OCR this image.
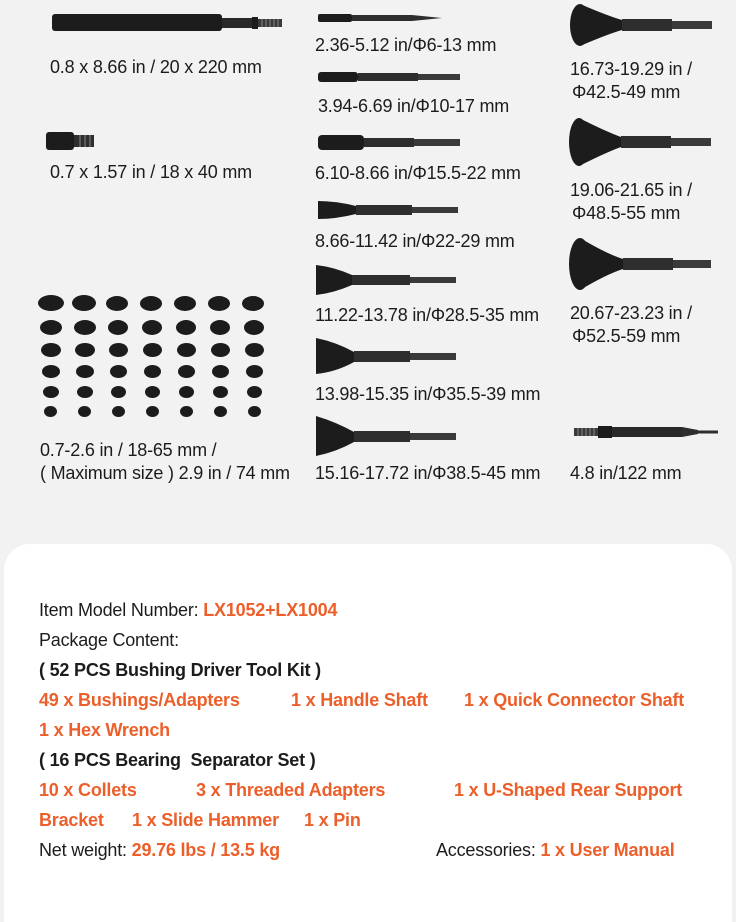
0.8 x 8.66 in / 20 x 220 mm
0.7 x 1.57 in / 18 x 40 mm
0.7-2.6 in / 18-65 mm /
( Maximum size ) 2.9 in / 74 mm
2.36-5.12 in/Φ6-13 mm
3.94-6.69 in/Φ10-17 mm
6.10-8.66 in/Φ15.5-22 mm
8.66-11.42 in/Φ22-29 mm
11.22-13.78 in/Φ28.5-35 mm
13.98-15.35 in/Φ35.5-39 mm
15.16-17.72 in/Φ38.5-45 mm
16.73-19.29 in /
Φ42.5-49 mm
19.06-21.65 in /
Φ48.5-55 mm
20.67-23.23 in /
Φ52.5-59 mm
4.8 in/122 mm
Item Model Number: LX1052+LX1004
Package Content:
( 52 PCS Bushing Driver Tool Kit )
49 x Bushings/Adapters	1 x Handle Shaft 1 x Quick Connector Shaft
1 x Hex Wrench
( 16 PCS Bearing  Separator Set )
10 x Collets	3 x Threaded Adapters	1 x U-Shaped Rear Support
Bracket 1 x Slide Hammer 1 x Pin
Net weight: 29.76 lbs / 13.5 kg	Accessories: 1 x User Manual
